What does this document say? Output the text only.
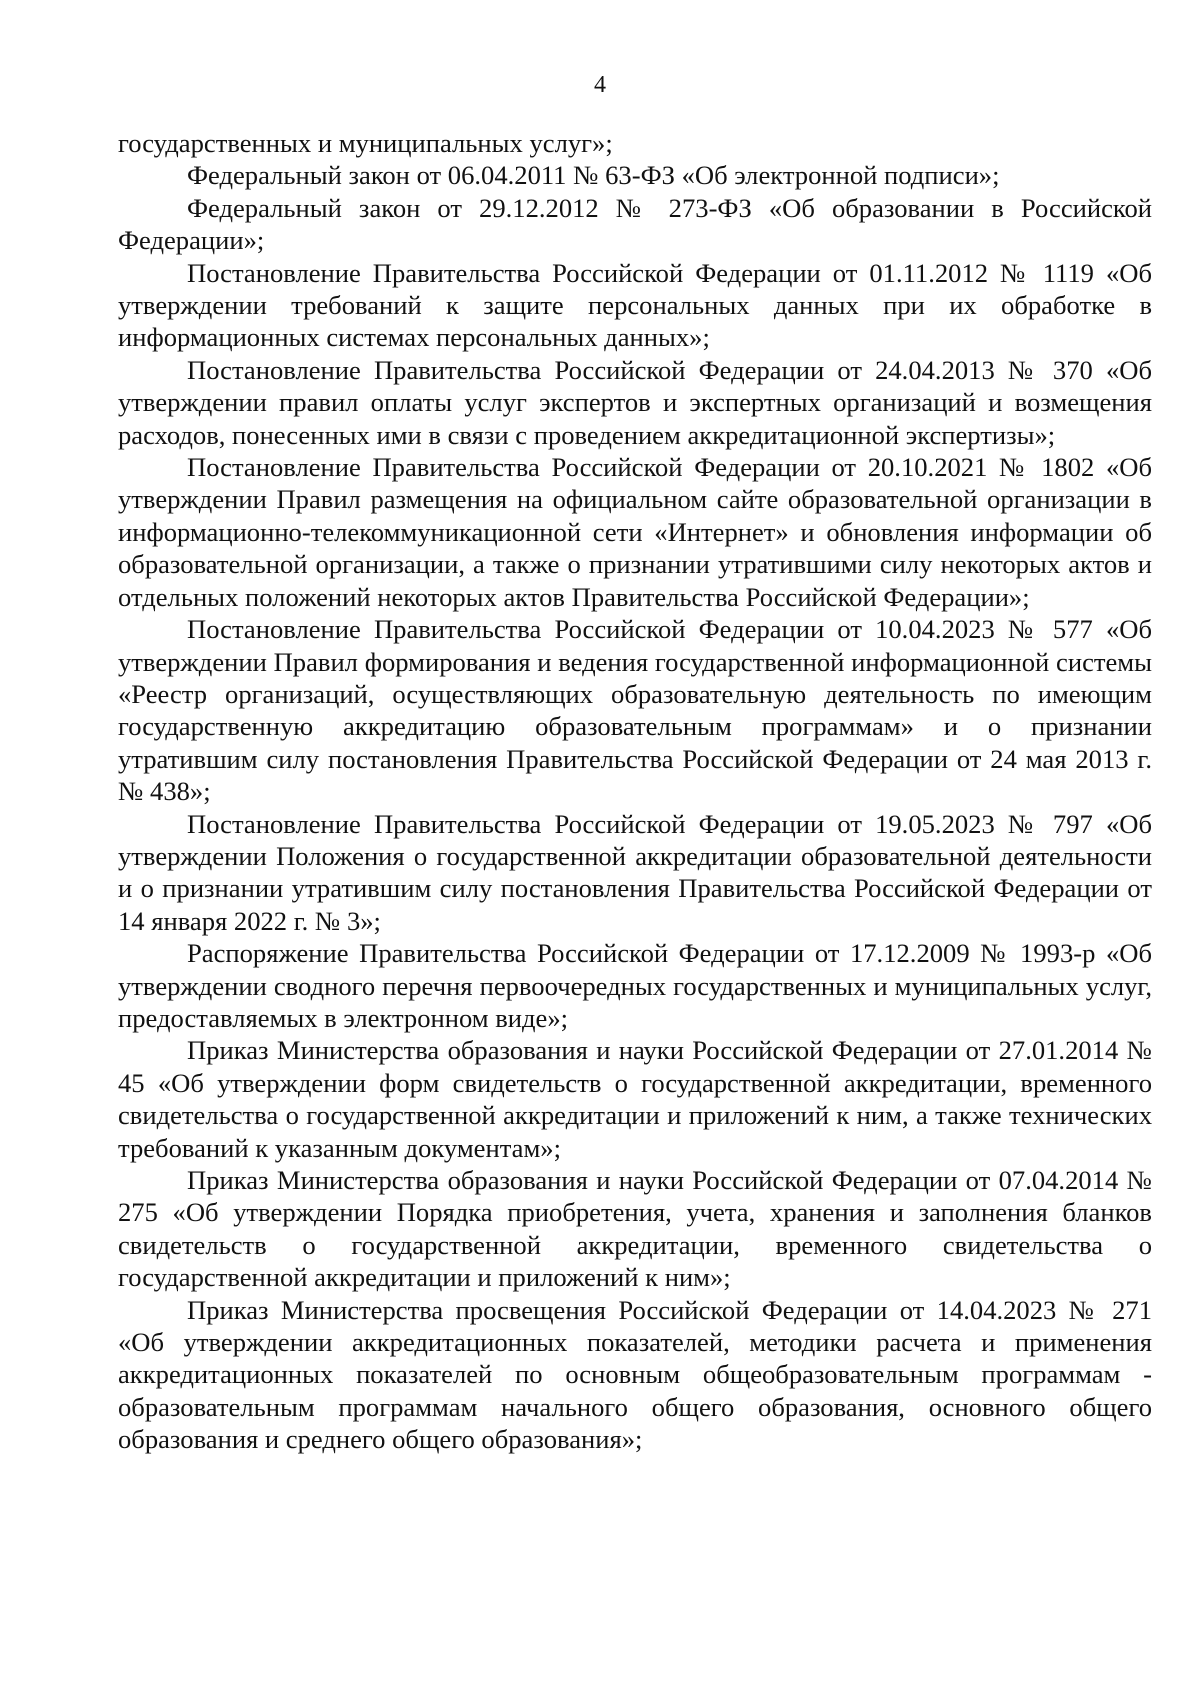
4

государственных и муниципальных услуг»;

Федеральный закон от 06.04.2011 № 63-ФЗ «Об электронной подписи»;

Федеральный закон от 29.12.2012 № 273-ФЗ «Об образовании в Российской Федерации»;

Постановление Правительства Российской Федерации от 01.11.2012 № 1119 «Об утверждении требований к защите персональных данных при их обработке в информационных системах персональных данных»;

Постановление Правительства Российской Федерации от 24.04.2013 № 370 «Об утверждении правил оплаты услуг экспертов и экспертных организаций и возмещения расходов, понесенных ими в связи с проведением аккредитационной экспертизы»;

Постановление Правительства Российской Федерации от 20.10.2021 № 1802 «Об утверждении Правил размещения на официальном сайте образовательной организации в информационно-телекоммуникационной сети «Интернет» и обновления информации об образовательной организации, а также о признании утратившими силу некоторых актов и отдельных положений некоторых актов Правительства Российской Федерации»;

Постановление Правительства Российской Федерации от 10.04.2023 № 577 «Об утверждении Правил формирования и ведения государственной информационной системы «Реестр организаций, осуществляющих образовательную деятельность по имеющим государственную аккредитацию образовательным программам» и о признании утратившим силу постановления Правительства Российской Федерации от 24 мая 2013 г. № 438»;

Постановление Правительства Российской Федерации от 19.05.2023 № 797 «Об утверждении Положения о государственной аккредитации образовательной деятельности и о признании утратившим силу постановления Правительства Российской Федерации от 14 января 2022 г. № 3»;

Распоряжение Правительства Российской Федерации от 17.12.2009 № 1993-р «Об утверждении сводного перечня первоочередных государственных и муниципальных услуг, предоставляемых в электронном виде»;

Приказ Министерства образования и науки Российской Федерации от 27.01.2014 № 45 «Об утверждении форм свидетельств о государственной аккредитации, временного свидетельства о государственной аккредитации и приложений к ним, а также технических требований к указанным документам»;

Приказ Министерства образования и науки Российской Федерации от 07.04.2014 № 275 «Об утверждении Порядка приобретения, учета, хранения и заполнения бланков свидетельств о государственной аккредитации, временного свидетельства о государственной аккредитации и приложений к ним»;

Приказ Министерства просвещения Российской Федерации от 14.04.2023 № 271 «Об утверждении аккредитационных показателей, методики расчета и применения аккредитационных показателей по основным общеобразовательным программам - образовательным программам начального общего образования, основного общего образования и среднего общего образования»;
